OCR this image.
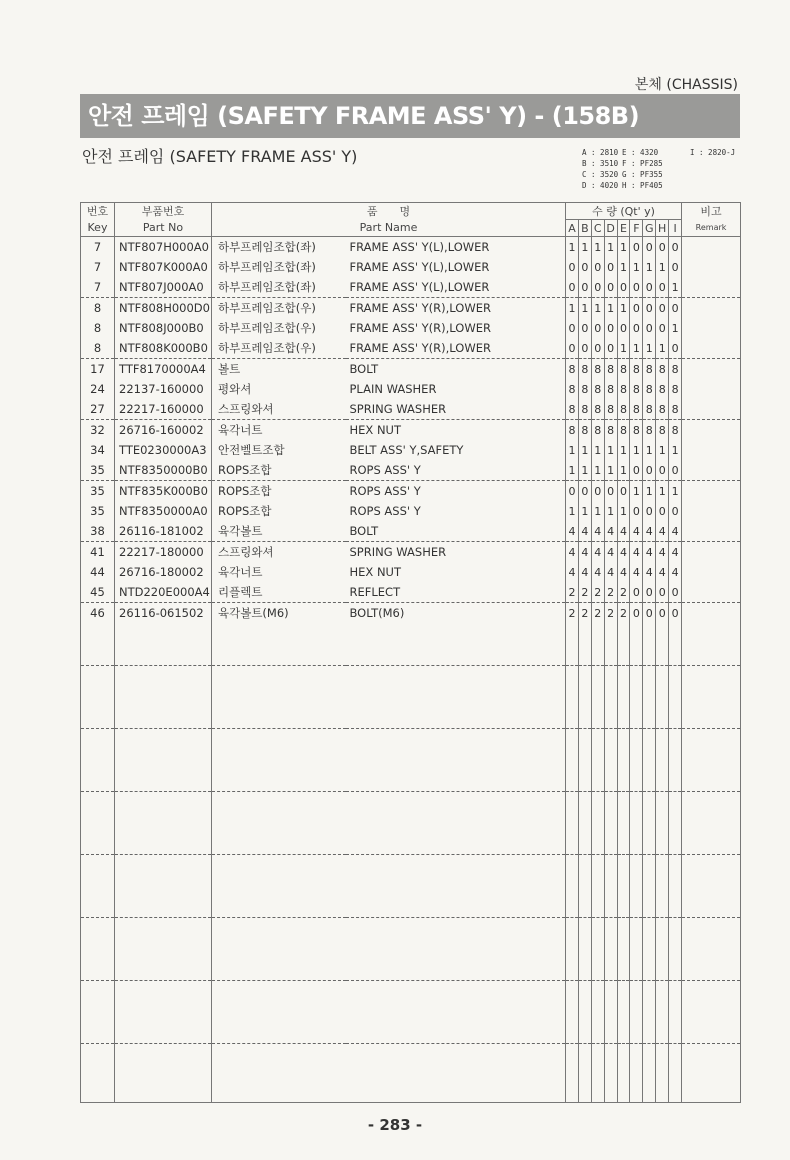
본체 (CHASSIS)
안전 프레임 (SAFETY FRAME ASS' Y) - (158B)
안전 프레임 (SAFETY FRAME ASS' Y)	A : 2810
B : 3510
C : 3520
D : 4020
E : 4320
F : PF285
G : PF355
H : PF405
I : 2820-J
번호	부품번호	품　　명		수 량 (Qt' y)									비고
Key	Part No	Part Name		A	B	C	D	E	F	G	H	I	Remark
7	NTF807H000A0	하부프레임조합(좌)	FRAME ASS' Y(L),LOWER	1	1	1	1	1	0	0	0	0	
7	NTF807K000A0	하부프레임조합(좌)	FRAME ASS' Y(L),LOWER	0	0	0	0	1	1	1	1	0	
7	NTF807J000A0	하부프레임조합(좌)	FRAME ASS' Y(L),LOWER	0	0	0	0	0	0	0	0	1	
8	NTF808H000D0	하부프레임조합(우)	FRAME ASS' Y(R),LOWER	1	1	1	1	1	0	0	0	0	
8	NTF808J000B0	하부프레임조합(우)	FRAME ASS' Y(R),LOWER	0	0	0	0	0	0	0	0	1	
8	NTF808K000B0	하부프레임조합(우)	FRAME ASS' Y(R),LOWER	0	0	0	0	1	1	1	1	0	
17	TTF8170000A4	볼트	BOLT	8	8	8	8	8	8	8	8	8	
24	22137-160000	평와셔	PLAIN WASHER	8	8	8	8	8	8	8	8	8	
27	22217-160000	스프링와셔	SPRING WASHER	8	8	8	8	8	8	8	8	8	
32	26716-160002	육각너트	HEX NUT	8	8	8	8	8	8	8	8	8	
34	TTE0230000A3	안전벨트조합	BELT ASS' Y,SAFETY	1	1	1	1	1	1	1	1	1	
35	NTF8350000B0	ROPS조합	ROPS ASS' Y	1	1	1	1	1	0	0	0	0	
35	NTF835K000B0	ROPS조합	ROPS ASS' Y	0	0	0	0	0	1	1	1	1	
35	NTF8350000A0	ROPS조합	ROPS ASS' Y	1	1	1	1	1	0	0	0	0	
38	26116-181002	육각볼트	BOLT	4	4	4	4	4	4	4	4	4	
41	22217-180000	스프링와셔	SPRING WASHER	4	4	4	4	4	4	4	4	4	
44	26716-180002	육각너트	HEX NUT	4	4	4	4	4	4	4	4	4	
45	NTD220E000A4	리플렉트	REFLECT	2	2	2	2	2	0	0	0	0	
46	26116-061502	육각볼트(M6)	BOLT(M6)	2	2	2	2	2	0	0	0	0	

- 283 -
